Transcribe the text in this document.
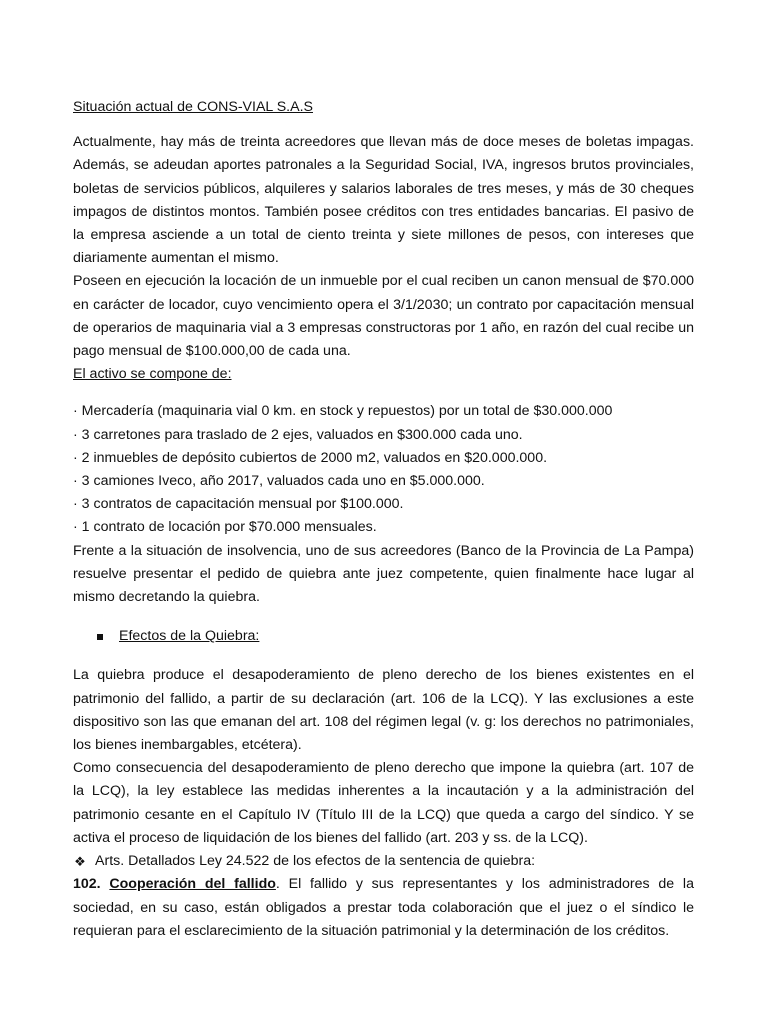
Situación actual de CONS-VIAL S.A.S

Actualmente, hay más de treinta acreedores que llevan más de doce meses de boletas impagas. Además, se adeudan aportes patronales a la Seguridad Social, IVA, ingresos brutos provinciales, boletas de servicios públicos, alquileres y salarios laborales de tres meses, y más de 30 cheques impagos de distintos montos. También posee créditos con tres entidades bancarias. El pasivo de la empresa asciende a un total de ciento treinta y siete millones de pesos, con intereses que diariamente aumentan el mismo.

Poseen en ejecución la locación de un inmueble por el cual reciben un canon mensual de $70.000 en carácter de locador, cuyo vencimiento opera el 3/1/2030; un contrato por capacitación mensual de operarios de maquinaria vial a 3 empresas constructoras por 1 año, en razón del cual recibe un pago mensual de $100.000,00 de cada una.

El activo se compone de:
· Mercadería (maquinaria vial 0 km. en stock y repuestos) por un total de $30.000.000
· 3 carretones para traslado de 2 ejes, valuados en $300.000 cada uno.
· 2 inmuebles de depósito cubiertos de 2000 m2, valuados en $20.000.000.
· 3 camiones Iveco, año 2017, valuados cada uno en $5.000.000.
· 3 contratos de capacitación mensual por $100.000.
· 1 contrato de locación por $70.000 mensuales.

Frente a la situación de insolvencia, uno de sus acreedores (Banco de la Provincia de La Pampa) resuelve presentar el pedido de quiebra ante juez competente, quien finalmente hace lugar al mismo decretando la quiebra.

Efectos de la Quiebra:

La quiebra produce el desapoderamiento de pleno derecho de los bienes existentes en el patrimonio del fallido, a partir de su declaración (art. 106 de la LCQ). Y las exclusiones a este dispositivo son las que emanan del art. 108 del régimen legal (v. g: los derechos no patrimoniales, los bienes inembargables, etcétera).

Como consecuencia del desapoderamiento de pleno derecho que impone la quiebra (art. 107 de la LCQ), la ley establece las medidas inherentes a la incautación y a la administración del patrimonio cesante en el Capítulo IV (Título III de la LCQ) que queda a cargo del síndico. Y se activa el proceso de liquidación de los bienes del fallido (art. 203 y ss. de la LCQ).

❖ Arts. Detallados Ley 24.522 de los efectos de la sentencia de quiebra:

102. Cooperación del fallido. El fallido y sus representantes y los administradores de la sociedad, en su caso, están obligados a prestar toda colaboración que el juez o el síndico le requieran para el esclarecimiento de la situación patrimonial y la determinación de los créditos.
